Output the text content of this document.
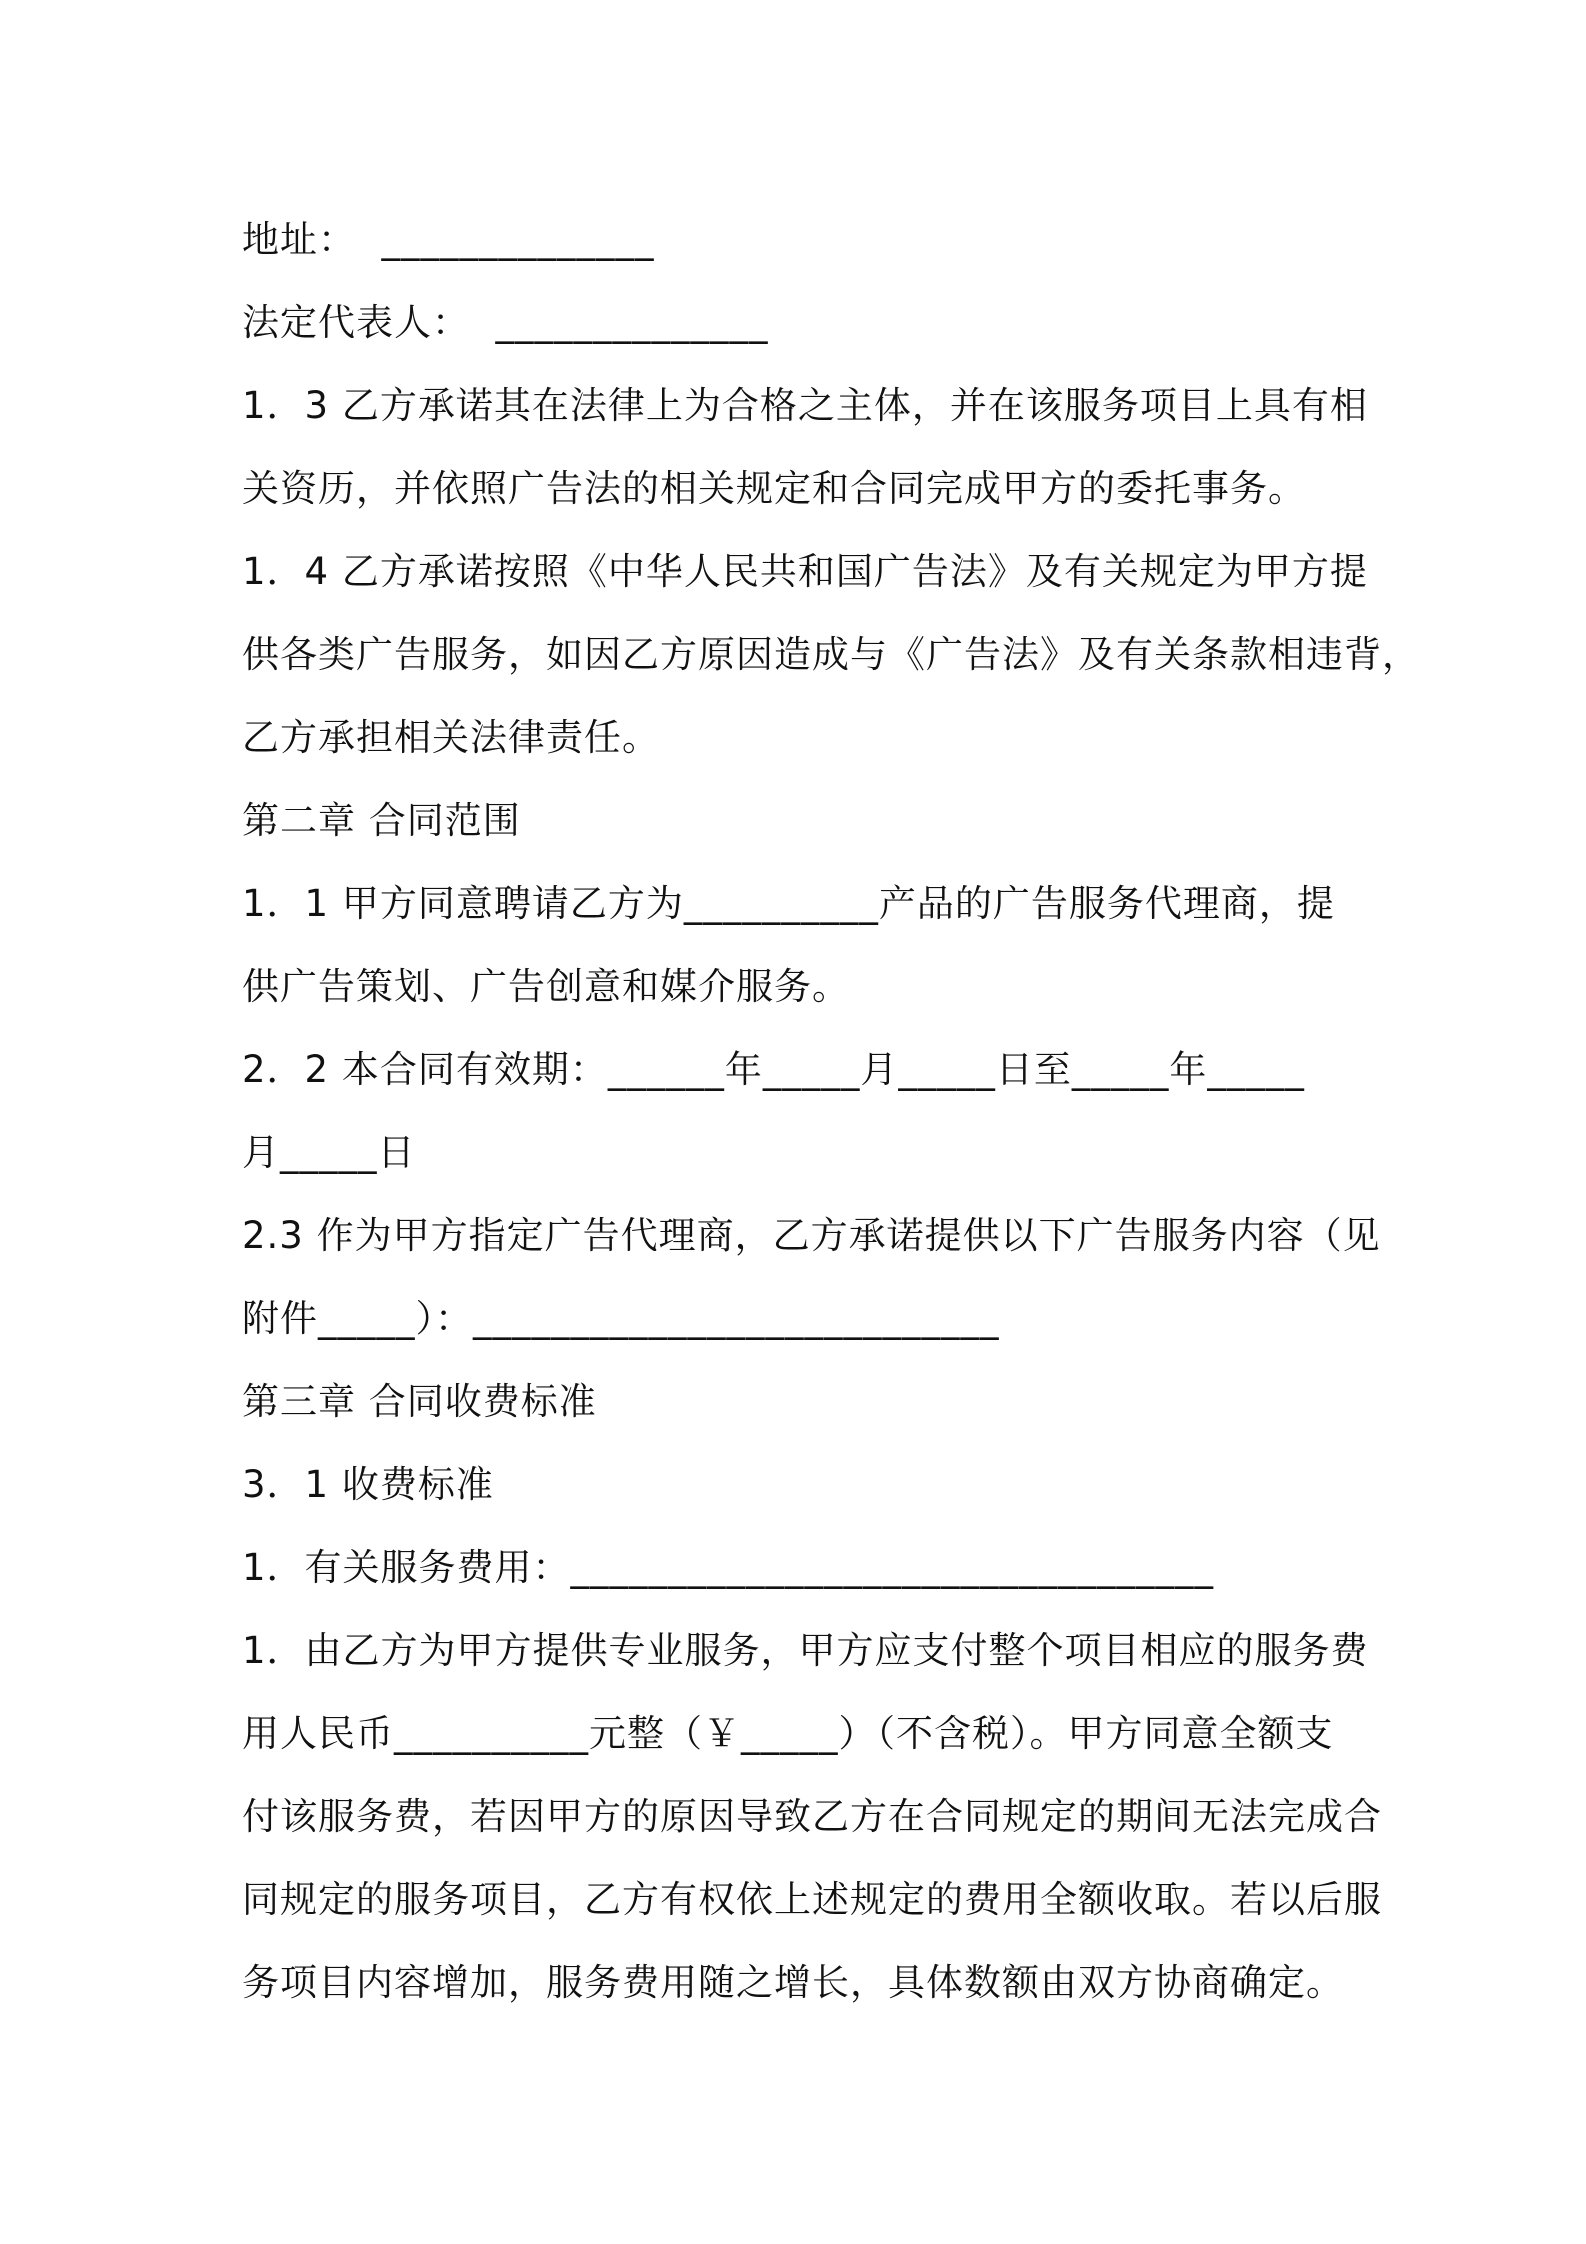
地址：  ______________
法定代表人：  ______________
1．3 乙方承诺其在法律上为合格之主体，并在该服务项目上具有相
关资历，并依照广告法的相关规定和合同完成甲方的委托事务。
1．4 乙方承诺按照《中华人民共和国广告法》及有关规定为甲方提
供各类广告服务，如因乙方原因造成与《广告法》及有关条款相违背，
乙方承担相关法律责任。
第二章 合同范围
1．1 甲方同意聘请乙方为__________产品的广告服务代理商，提
供广告策划、广告创意和媒介服务。
2．2 本合同有效期：______年_____月_____日至_____年_____
月_____日
2.3 作为甲方指定广告代理商，乙方承诺提供以下广告服务内容（见
附件_____）：___________________________
第三章 合同收费标准
3．1 收费标准
1．有关服务费用：_________________________________
1．由乙方为甲方提供专业服务，甲方应支付整个项目相应的服务费
用人民币__________元整（￥_____）（不含税）。甲方同意全额支
付该服务费，若因甲方的原因导致乙方在合同规定的期间无法完成合
同规定的服务项目，乙方有权依上述规定的费用全额收取。若以后服
务项目内容增加，服务费用随之增长，具体数额由双方协商确定。
